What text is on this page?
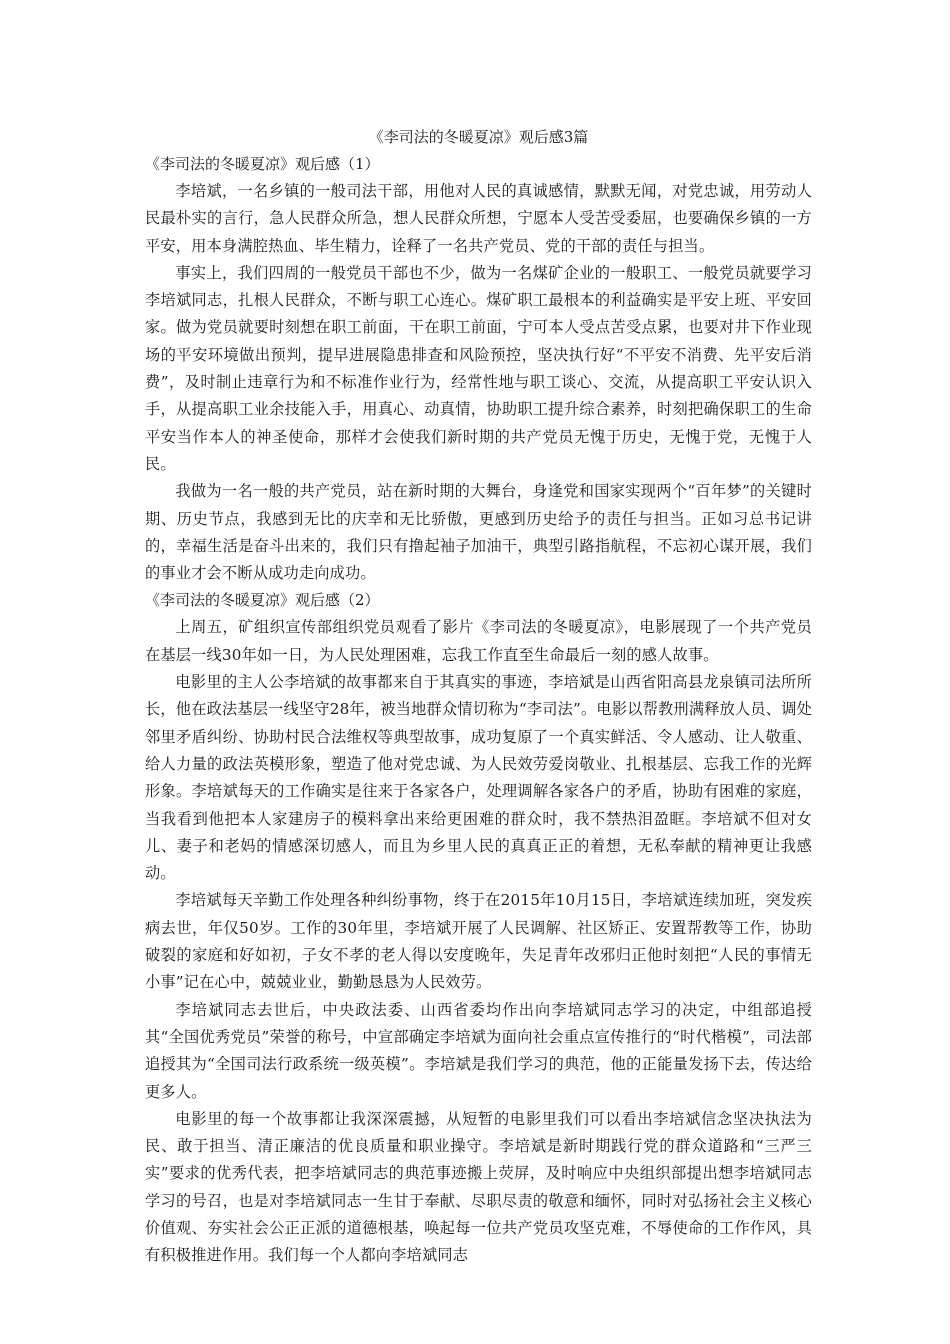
《李司法的冬暖夏凉》观后感3篇

《李司法的冬暖夏凉》观后感（1）

李培斌，一名乡镇的一般司法干部，用他对人民的真诚感情，默默无闻，对党忠诚，用劳动人民最朴实的言行，急人民群众所急，想人民群众所想，宁愿本人受苦受委屈，也要确保乡镇的一方平安，用本身满腔热血、毕生精力，诠释了一名共产党员、党的干部的责任与担当。

事实上，我们四周的一般党员干部也不少，做为一名煤矿企业的一般职工、一般党员就要学习李培斌同志，扎根人民群众，不断与职工心连心。煤矿职工最根本的利益确实是平安上班、平安回家。做为党员就要时刻想在职工前面，干在职工前面，宁可本人受点苦受点累，也要对井下作业现场的平安环境做出预判，提早进展隐患排查和风险预控，坚决执行好“不平安不消费、先平安后消费”，及时制止违章行为和不标准作业行为，经常性地与职工谈心、交流，从提高职工平安认识入手，从提高职工业余技能入手，用真心、动真情，协助职工提升综合素养，时刻把确保职工的生命平安当作本人的神圣使命，那样才会使我们新时期的共产党员无愧于历史，无愧于党，无愧于人民。

我做为一名一般的共产党员，站在新时期的大舞台，身逢党和国家实现两个“百年梦”的关键时期、历史节点，我感到无比的庆幸和无比骄傲，更感到历史给予的责任与担当。正如习总书记讲的，幸福生活是奋斗出来的，我们只有撸起袖子加油干，典型引路指航程，不忘初心谋开展，我们的事业才会不断从成功走向成功。

《李司法的冬暖夏凉》观后感（2）

上周五，矿组织宣传部组织党员观看了影片《李司法的冬暖夏凉》，电影展现了一个共产党员在基层一线30年如一日，为人民处理困难，忘我工作直至生命最后一刻的感人故事。

电影里的主人公李培斌的故事都来自于其真实的事迹，李培斌是山西省阳高县龙泉镇司法所所长，他在政法基层一线坚守28年，被当地群众情切称为“李司法”。电影以帮教刑满释放人员、调处邻里矛盾纠纷、协助村民合法维权等典型故事，成功复原了一个真实鲜活、令人感动、让人敬重、给人力量的政法英模形象，塑造了他对党忠诚、为人民效劳爱岗敬业、扎根基层、忘我工作的光辉形象。李培斌每天的工作确实是往来于各家各户，处理调解各家各户的矛盾，协助有困难的家庭，当我看到他把本人家建房子的模料拿出来给更困难的群众时，我不禁热泪盈眶。李培斌不但对女儿、妻子和老妈的情感深切感人，而且为乡里人民的真真正正的着想，无私奉献的精神更让我感动。

李培斌每天辛勤工作处理各种纠纷事物，终于在2015年10月15日，李培斌连续加班，突发疾病去世，年仅50岁。工作的30年里，李培斌开展了人民调解、社区矫正、安置帮教等工作，协助破裂的家庭和好如初，子女不孝的老人得以安度晚年，失足青年改邪归正他时刻把“人民的事情无小事”记在心中，兢兢业业，勤勤恳恳为人民效劳。

李培斌同志去世后，中央政法委、山西省委均作出向李培斌同志学习的决定，中组部追授其“全国优秀党员”荣誉的称号，中宣部确定李培斌为面向社会重点宣传推行的“时代楷模”，司法部追授其为“全国司法行政系统一级英模”。李培斌是我们学习的典范，他的正能量发扬下去，传达给更多人。

电影里的每一个故事都让我深深震撼，从短暂的电影里我们可以看出李培斌信念坚决执法为民、敢于担当、清正廉洁的优良质量和职业操守。李培斌是新时期践行党的群众道路和“三严三实”要求的优秀代表，把李培斌同志的典范事迹搬上荧屏，及时响应中央组织部提出想李培斌同志学习的号召，也是对李培斌同志一生甘于奉献、尽职尽责的敬意和缅怀，同时对弘扬社会主义核心价值观、夯实社会公正正派的道德根基，唤起每一位共产党员攻坚克难，不辱使命的工作作风，具有积极推进作用。我们每一个人都向李培斌同志
